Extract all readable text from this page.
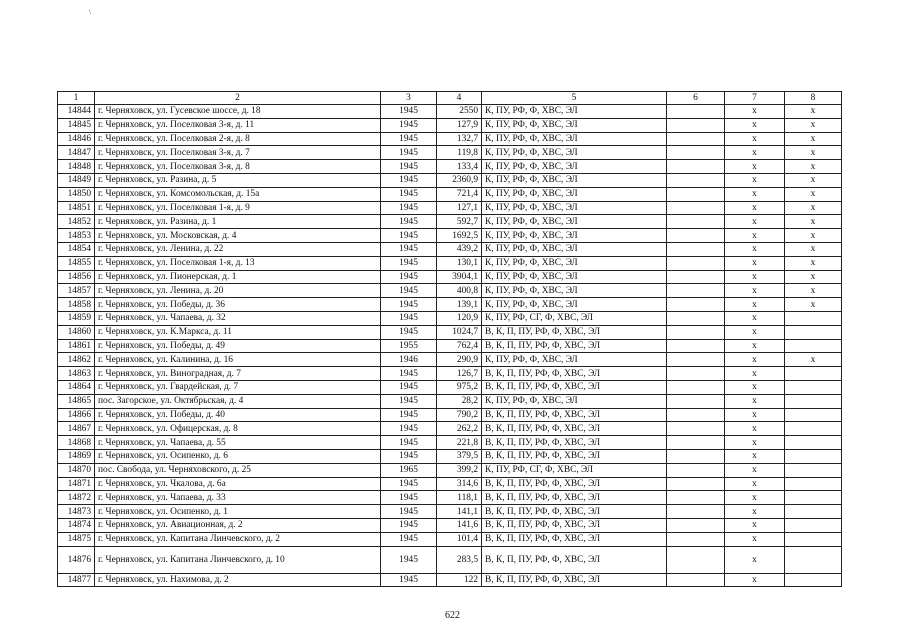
\
1	2	3	4	5	6	7	8
14844	г. Черняховск, ул. Гусевское шоссе, д. 18	1945	2550	К, ПУ, РФ, Ф, ХВС, ЭЛ		х	х
14845	г. Черняховск, ул. Поселковая 3-я, д. 11	1945	127,9	К, ПУ, РФ, Ф, ХВС, ЭЛ		х	х
14846	г. Черняховск, ул. Поселковая 2-я, д. 8	1945	132,7	К, ПУ, РФ, Ф, ХВС, ЭЛ		х	х
14847	г. Черняховск, ул. Поселковая 3-я, д. 7	1945	119,8	К, ПУ, РФ, Ф, ХВС, ЭЛ		х	х
14848	г. Черняховск, ул. Поселковая 3-я, д. 8	1945	133,4	К, ПУ, РФ, Ф, ХВС, ЭЛ		х	х
14849	г. Черняховск, ул. Разина, д. 5	1945	2360,9	К, ПУ, РФ, Ф, ХВС, ЭЛ		х	х
14850	г. Черняховск, ул. Комсомольская, д. 15а	1945	721,4	К, ПУ, РФ, Ф, ХВС, ЭЛ		х	х
14851	г. Черняховск, ул. Поселковая 1-я, д. 9	1945	127,1	К, ПУ, РФ, Ф, ХВС, ЭЛ		х	х
14852	г. Черняховск, ул. Разина, д. 1	1945	592,7	К, ПУ, РФ, Ф, ХВС, ЭЛ		х	х
14853	г. Черняховск, ул. Московская, д. 4	1945	1692,5	К, ПУ, РФ, Ф, ХВС, ЭЛ		х	х
14854	г. Черняховск, ул. Ленина, д. 22	1945	439,2	К, ПУ, РФ, Ф, ХВС, ЭЛ		х	х
14855	г. Черняховск, ул. Поселковая 1-я, д. 13	1945	130,1	К, ПУ, РФ, Ф, ХВС, ЭЛ		х	х
14856	г. Черняховск, ул. Пионерская, д. 1	1945	3904,1	К, ПУ, РФ, Ф, ХВС, ЭЛ		х	х
14857	г. Черняховск, ул. Ленина, д. 20	1945	400,8	К, ПУ, РФ, Ф, ХВС, ЭЛ		х	х
14858	г. Черняховск, ул. Победы, д. 36	1945	139,1	К, ПУ, РФ, Ф, ХВС, ЭЛ		х	х
14859	г. Черняховск, ул. Чапаева, д. 32	1945	120,9	К, ПУ, РФ, СГ, Ф, ХВС, ЭЛ		х	
14860	г. Черняховск, ул. К.Маркса, д. 11	1945	1024,7	В, К, П, ПУ, РФ, Ф, ХВС, ЭЛ		х	
14861	г. Черняховск, ул. Победы, д. 49	1955	762,4	В, К, П, ПУ, РФ, Ф, ХВС, ЭЛ		х	
14862	г. Черняховск, ул. Калинина, д. 16	1946	290,9	К, ПУ, РФ, Ф, ХВС, ЭЛ		х	х
14863	г. Черняховск, ул. Виноградная, д. 7	1945	126,7	В, К, П, ПУ, РФ, Ф, ХВС, ЭЛ		х	
14864	г. Черняховск, ул. Гвардейская, д. 7	1945	975,2	В, К, П, ПУ, РФ, Ф, ХВС, ЭЛ		х	
14865	пос. Загорское, ул. Октябрьская, д. 4	1945	28,2	К, ПУ, РФ, Ф, ХВС, ЭЛ		х	
14866	г. Черняховск, ул. Победы, д. 40	1945	790,2	В, К, П, ПУ, РФ, Ф, ХВС, ЭЛ		х	
14867	г. Черняховск, ул. Офицерская, д. 8	1945	262,2	В, К, П, ПУ, РФ, Ф, ХВС, ЭЛ		х	
14868	г. Черняховск, ул. Чапаева, д. 55	1945	221,8	В, К, П, ПУ, РФ, Ф, ХВС, ЭЛ		х	
14869	г. Черняховск, ул. Осипенко, д. 6	1945	379,5	В, К, П, ПУ, РФ, Ф, ХВС, ЭЛ		х	
14870	пос. Свобода, ул. Черняховского, д. 25	1965	399,2	К, ПУ, РФ, СГ, Ф, ХВС, ЭЛ		х	
14871	г. Черняховск, ул. Чкалова, д. 6а	1945	314,6	В, К, П, ПУ, РФ, Ф, ХВС, ЭЛ		х	
14872	г. Черняховск, ул. Чапаева, д. 33	1945	118,1	В, К, П, ПУ, РФ, Ф, ХВС, ЭЛ		х	
14873	г. Черняховск, ул. Осипенко, д. 1	1945	141,1	В, К, П, ПУ, РФ, Ф, ХВС, ЭЛ		х	
14874	г. Черняховск, ул. Авиационная, д. 2	1945	141,6	В, К, П, ПУ, РФ, Ф, ХВС, ЭЛ		х	
14875	г. Черняховск, ул. Капитана Линчевского, д. 2	1945	101,4	В, К, П, ПУ, РФ, Ф, ХВС, ЭЛ		х	
14876	г. Черняховск, ул. Капитана Линчевского, д. 10	1945	283,5	В, К, П, ПУ, РФ, Ф, ХВС, ЭЛ		х	
14877	г. Черняховск, ул. Нахимова, д. 2	1945	122	В, К, П, ПУ, РФ, Ф, ХВС, ЭЛ		х	
622
